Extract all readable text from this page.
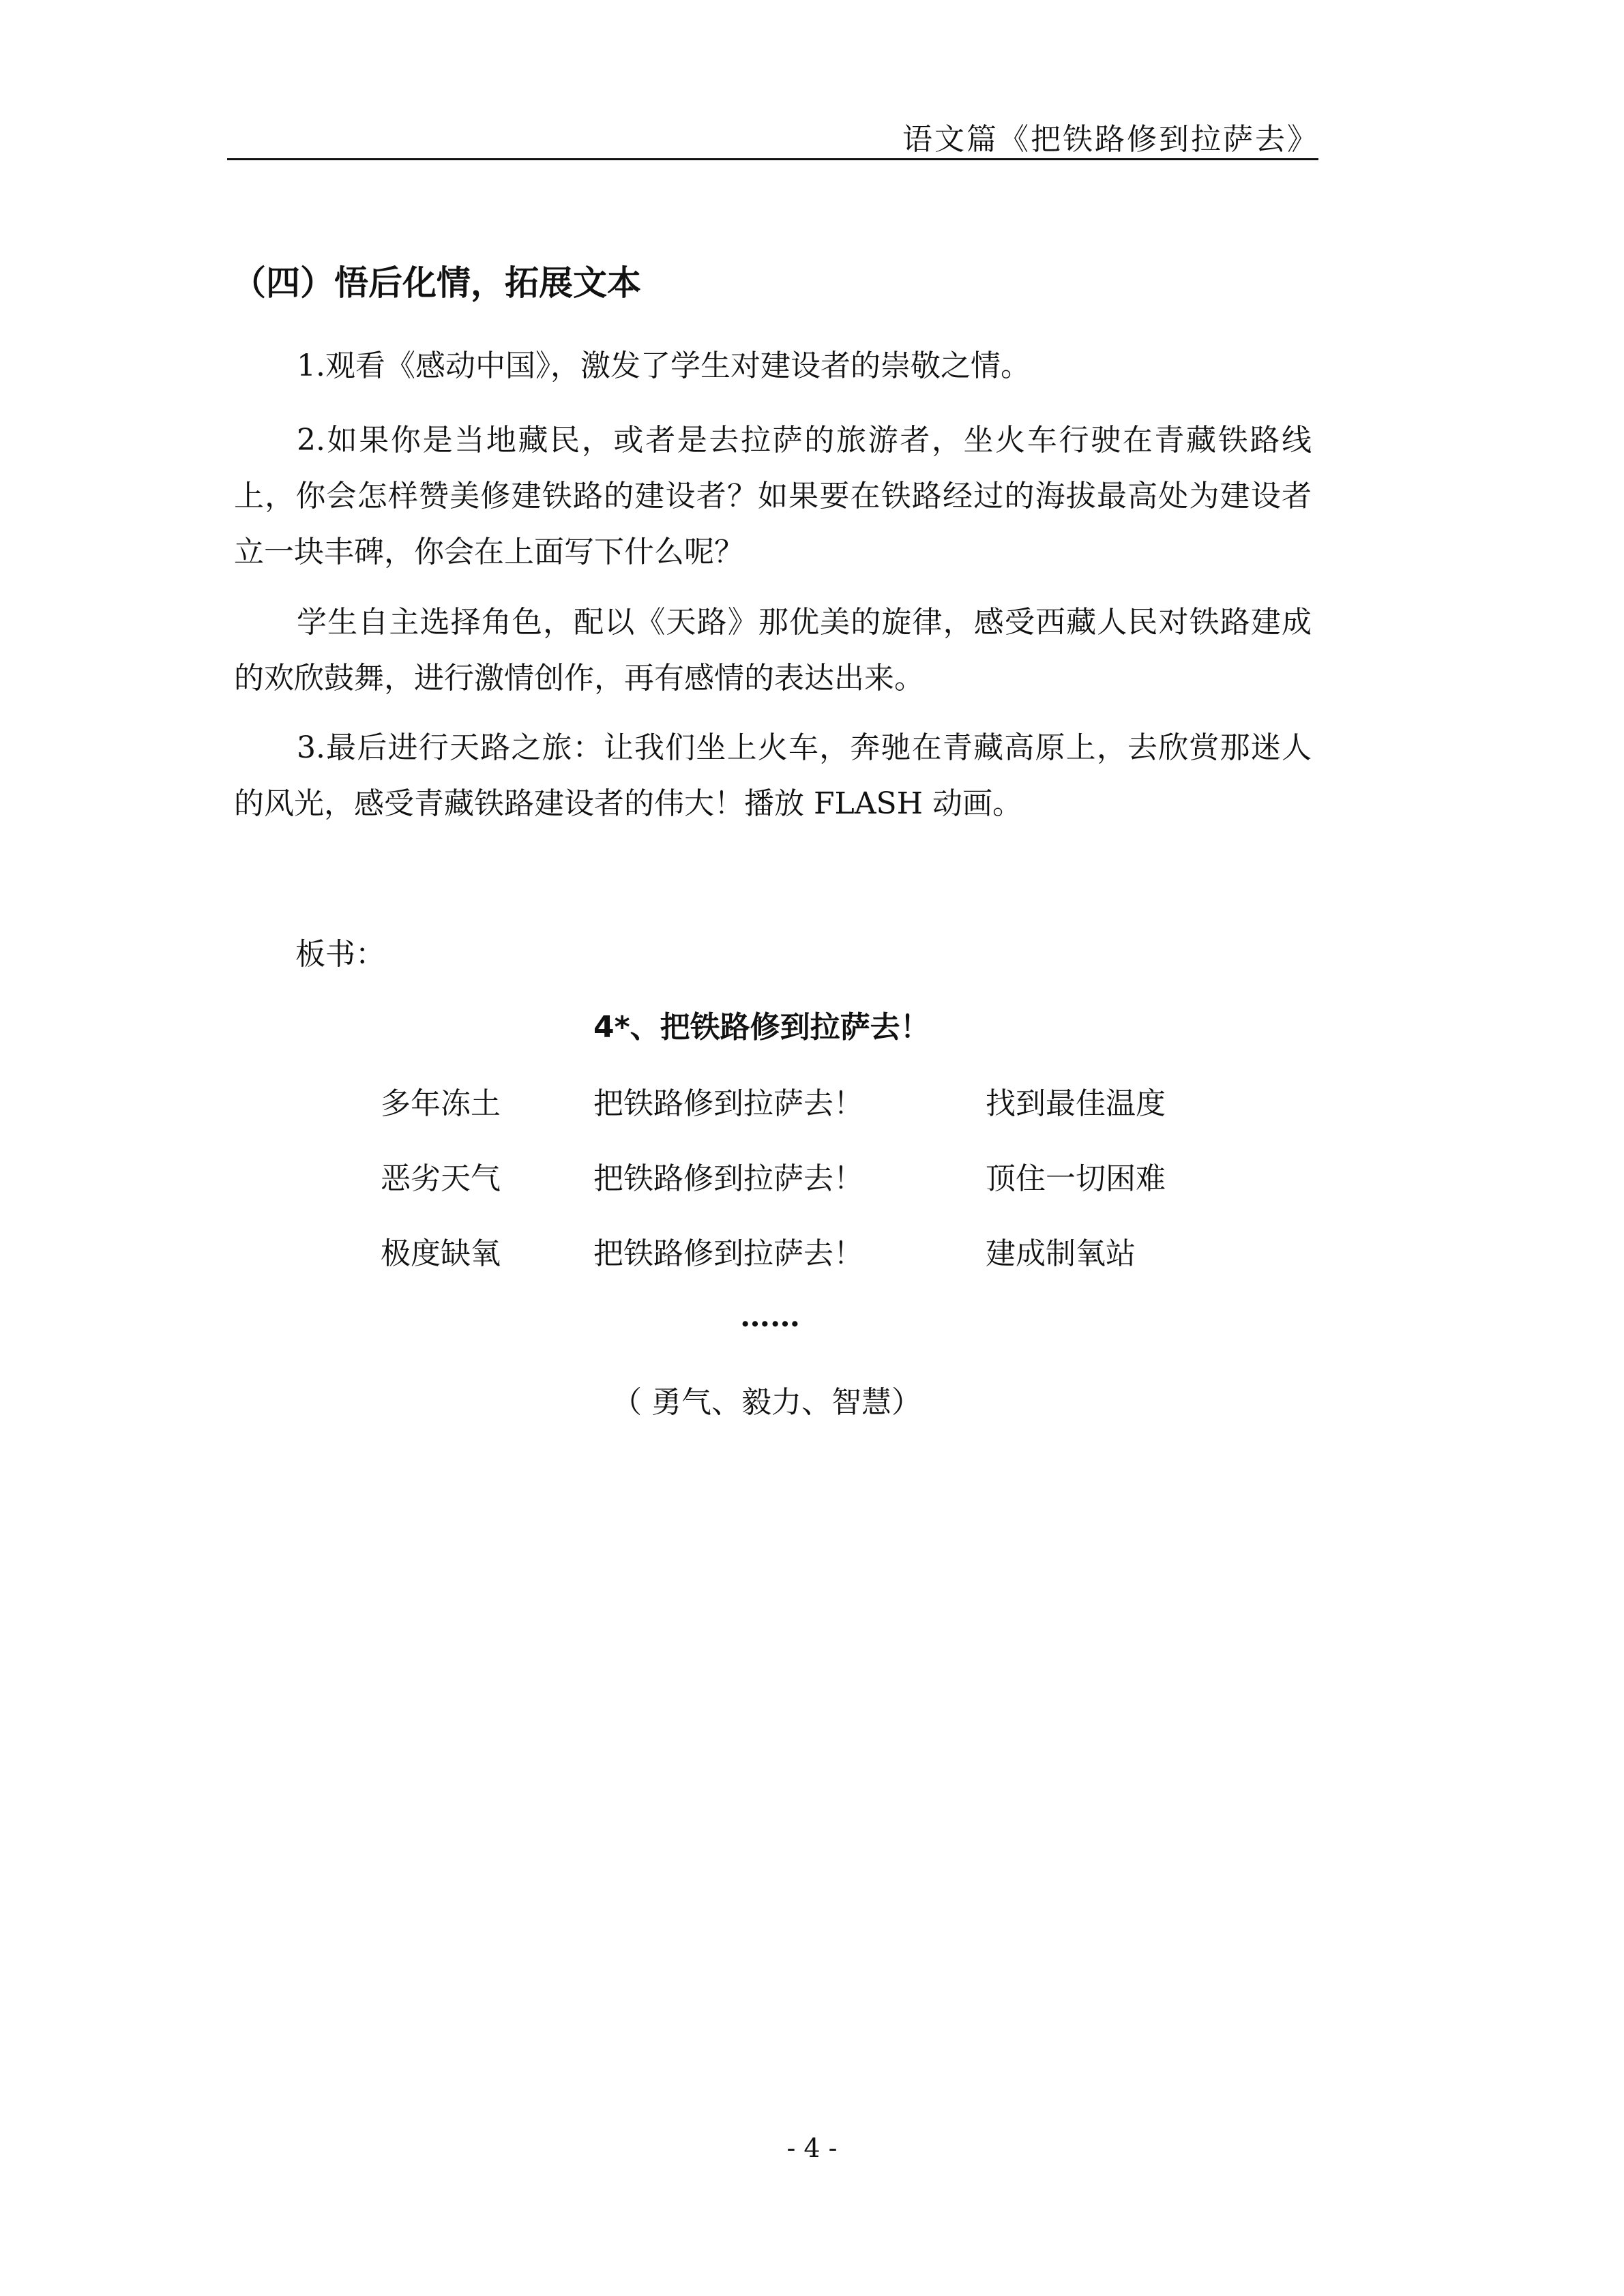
语文篇《把铁路修到拉萨去》
（四）悟后化情，拓展文本

1.观看《感动中国》，激发了学生对建设者的崇敬之情。

2.如果你是当地藏民，或者是去拉萨的旅游者，坐火车行驶在青藏铁路线上，你会怎样赞美修建铁路的建设者？如果要在铁路经过的海拔最高处为建设者立一块丰碑，你会在上面写下什么呢？

学生自主选择角色，配以《天路》那优美的旋律，感受西藏人民对铁路建成的欢欣鼓舞，进行激情创作，再有感情的表达出来。

3.最后进行天路之旅：让我们坐上火车，奔驰在青藏高原上，去欣赏那迷人的风光，感受青藏铁路建设者的伟大！播放 FLASH 动画。

板书：
4*、把铁路修到拉萨去！
多年冻土	把铁路修到拉萨去！	找到最佳温度
恶劣天气	把铁路修到拉萨去！	顶住一切困难
极度缺氧	把铁路修到拉萨去！	建成制氧站
……
（ 勇气、毅力、智慧）
- 4 -
